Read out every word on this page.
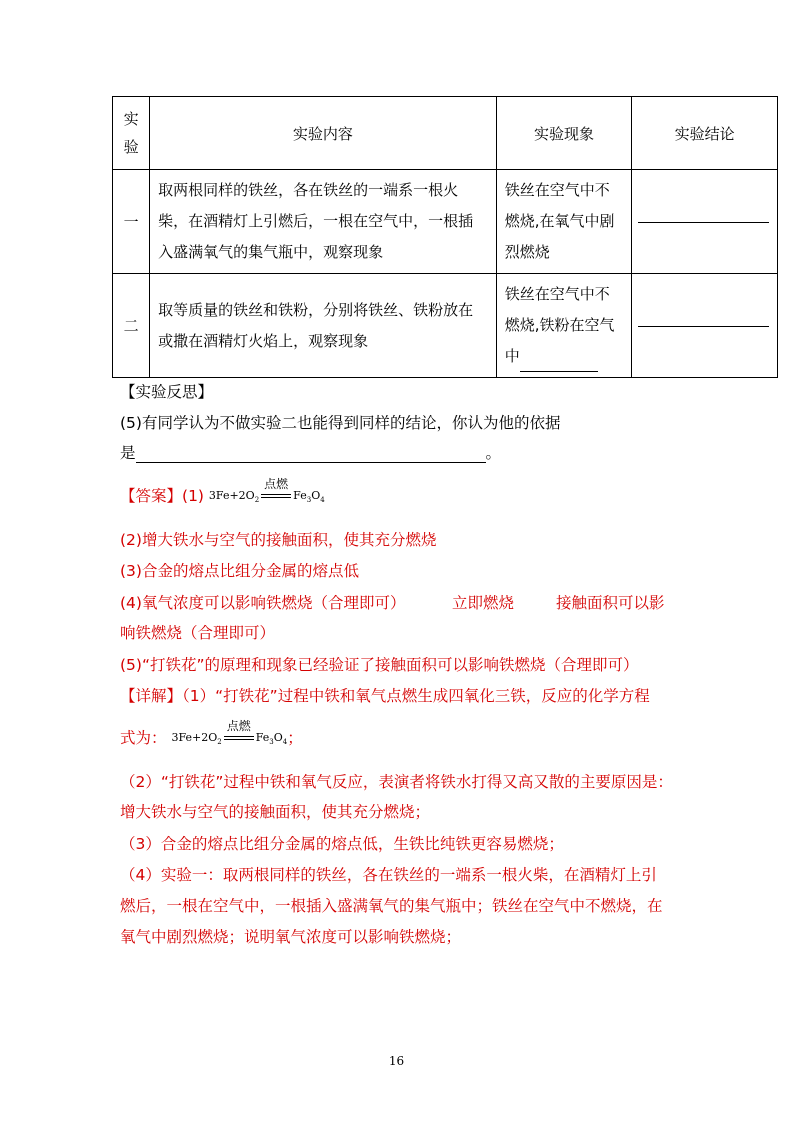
实验	实验内容	实验现象	实验结论
一	取两根同样的铁丝，各在铁丝的一端系一根火柴，在酒精灯上引燃后，一根在空气中，一根插入盛满氧气的集气瓶中，观察现象	铁丝在空气中不燃烧,在氧气中剧烈燃烧	

二	取等质量的铁丝和铁粉，分别将铁丝、铁粉放在或撒在酒精灯火焰上，观察现象	铁丝在空气中不燃烧,铁粉在空气中	

【实验反思】
(5)有同学认为不做实验二也能得到同样的结论，你认为他的依据
是	。
【答案】(1) $3Fe+2O_2$
点燃
$Fe_3O_4$
(2)增大铁水与空气的接触面积，使其充分燃烧
(3)合金的熔点比组分金属的熔点低
(4)氧气浓度可以影响铁燃烧（合理即可）	立即燃烧	接触面积可以影
响铁燃烧（合理即可）
(5)“打铁花”的原理和现象已经验证了接触面积可以影响铁燃烧（合理即可）
【详解】（1）“打铁花”过程中铁和氧气点燃生成四氧化三铁，反应的化学方程
式为： $3Fe+2O_2$
点燃
$Fe_3O_4$；
（2）“打铁花”过程中铁和氧气反应，表演者将铁水打得又高又散的主要原因是：
增大铁水与空气的接触面积，使其充分燃烧；
（3）合金的熔点比组分金属的熔点低，生铁比纯铁更容易燃烧；
（4）实验一：取两根同样的铁丝，各在铁丝的一端系一根火柴，在酒精灯上引
燃后，一根在空气中，一根插入盛满氧气的集气瓶中；铁丝在空气中不燃烧，在
氧气中剧烈燃烧；说明氧气浓度可以影响铁燃烧；
16
